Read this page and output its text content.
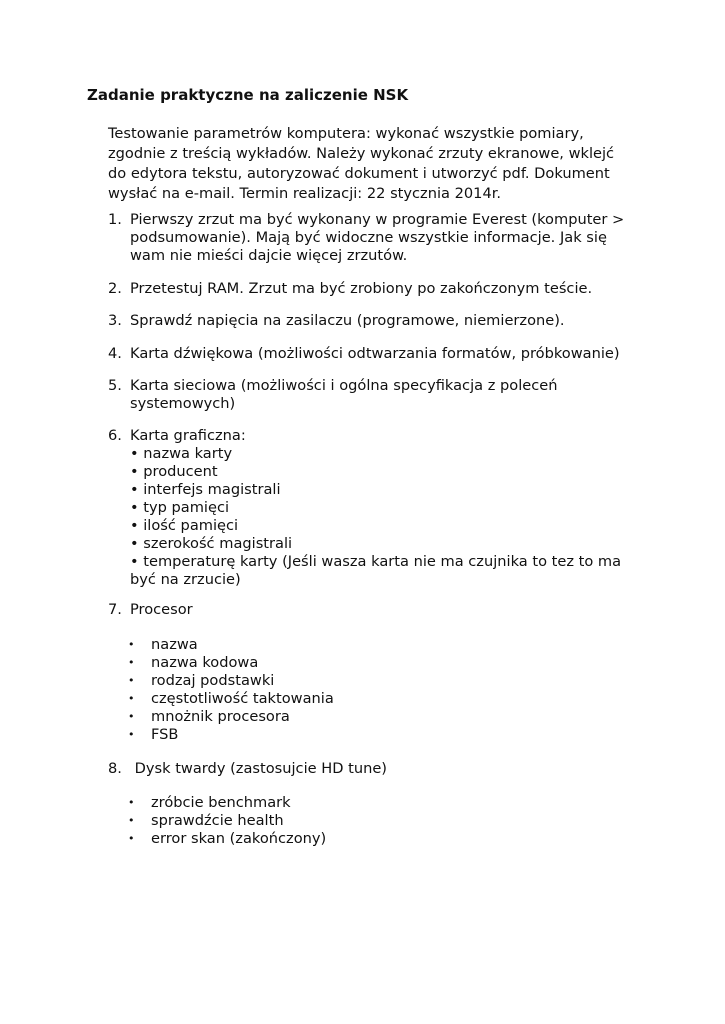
Zadanie praktyczne na zaliczenie NSK
Testowanie parametrów komputera: wykonać wszystkie pomiary,
zgodnie z treścią wykładów. Należy wykonać zrzuty ekranowe, wklejć
do edytora tekstu, autoryzować dokument i utworzyć pdf. Dokument
wysłać na e-mail. Termin realizacji: 22 stycznia 2014r.
1. Pierwszy zrzut ma być wykonany w programie Everest (komputer >
podsumowanie). Mają być widoczne wszystkie informacje. Jak się
wam nie mieści dajcie więcej zrzutów.
2. Przetestuj RAM. Zrzut ma być zrobiony po zakończonym teście.
3. Sprawdź napięcia na zasilaczu (programowe, niemierzone).
4. Karta dźwiękowa (możliwości odtwarzania formatów, próbkowanie)
5. Karta sieciowa (możliwości i ogólna specyfikacja z poleceń
systemowych)
6. Karta graficzna:
• nazwa karty
• producent
• interfejs magistrali
• typ pamięci
• ilość pamięci
• szerokość magistrali
• temperaturę karty (Jeśli wasza karta nie ma czujnika to tez to ma
być na zrzucie)
7. Procesor
• nazwa
• nazwa kodowa
• rodzaj podstawki
• częstotliwość taktowania
• mnożnik procesora
• FSB
8. Dysk twardy (zastosujcie HD tune)
• zróbcie benchmark
• sprawdźcie health
• error skan (zakończony)
